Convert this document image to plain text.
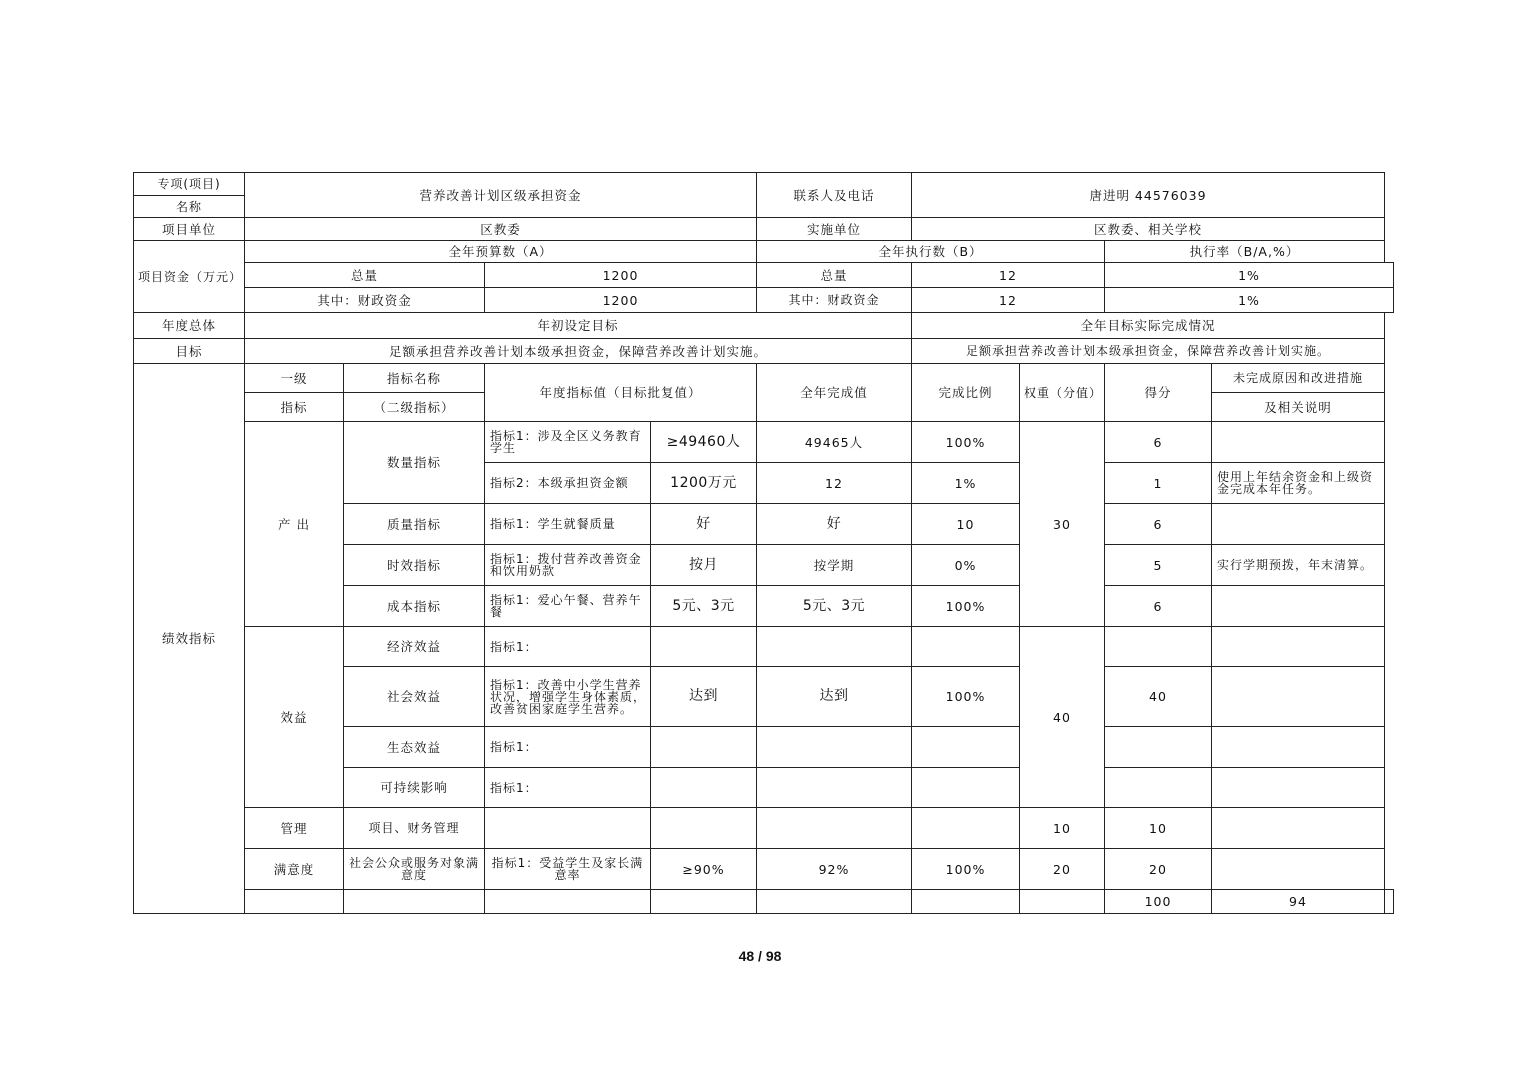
专项(项目)	营养改善计划区级承担资金				联系人及电话	唐进明 44576039				
名称										
项目单位	区教委				实施单位	区教委、相关学校				
项目资金（万元）	全年预算数（A）				全年执行数（B）			执行率（B/A,%）		
	总量		1200		总量	12		1%		
	其中：财政资金		1200		其中：财政资金	12		1%		
年度总体	年初设定目标					全年目标实际完成情况				
目标	足额承担营养改善计划本级承担资金，保障营养改善计划实施。					足额承担营养改善计划本级承担资金，保障营养改善计划实施。				
绩效指标	一级	指标名称	年度指标值（目标批复值）		全年完成值	完成比例	权重（分值）	得分	未完成原因和改进措施	
	指标	（二级指标）							及相关说明	
	产 出	数量指标	指标1：涉及全区义务教育学生	≥49460人	49465人	100%	30	6		
			指标2：本级承担资金额	1200万元	12	1%		1	使用上年结余资金和上级资金完成本年任务。	
		质量指标	指标1：学生就餐质量	好	好	10		6		
		时效指标	指标1：拨付营养改善资金和饮用奶款	按月	按学期	0%		5	实行学期预拨，年末清算。	
		成本指标	指标1：爱心午餐、营养午餐	5元、3元	5元、3元	100%		6		
	效益	经济效益	指标1：				40			
		社会效益	指标1：改善中小学生营养状况，增强学生身体素质，改善贫困家庭学生营养。	达到	达到	100%		40		
		生态效益	指标1：							
		可持续影响	指标1：							
	管理	项目、财务管理					10	10		
	满意度	社会公众或服务对象满意度	指标1：受益学生及家长满意率	≥90%	92%	100%	20	20		
								100	94	
48 / 98
